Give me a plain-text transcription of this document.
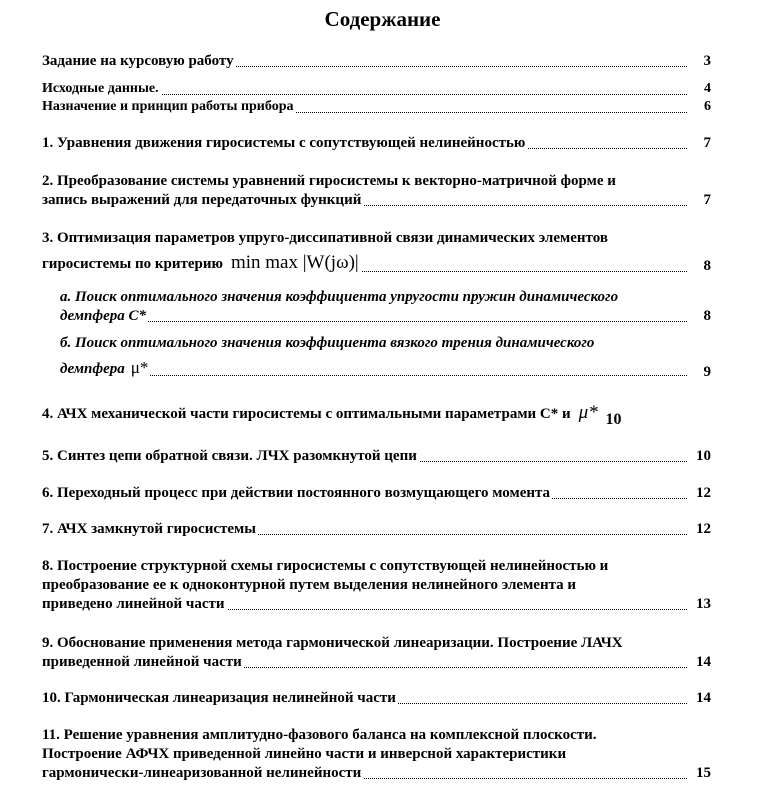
Содержание
Задание на курсовую работу	3
Исходные данные.	4
Назначение и принцип работы прибора	6
1. Уравнения движения гиросистемы с сопутствующей нелинейностью	7
2. Преобразование системы уравнений гиросистемы к векторно-матричной форме и
запись выражений для передаточных функций	7
3. Оптимизация параметров упруго-диссипативной связи динамических элементов
гиросистемы по критерию min max |W(jω)|	8
а. Поиск оптимального значения коэффициента упругости пружин динамического
демпфера С*	8
б. Поиск оптимального значения коэффициента вязкого трения динамического
демпфера μ*	9
4. АЧХ механической части гиросистемы с оптимальными параметрами С* и μ* 10
5. Синтез цепи обратной связи. ЛЧХ разомкнутой цепи	10
6. Переходный процесс при действии постоянного возмущающего момента	12
7. АЧХ замкнутой гиросистемы	12
8. Построение структурной схемы гиросистемы с сопутствующей нелинейностью и
преобразование ее к одноконтурной путем выделения нелинейного элемента и
приведено линейной части	13
9. Обоснование применения метода гармонической линеаризации. Построение ЛАЧХ
приведенной линейной части	14
10. Гармоническая линеаризация нелинейной части	14
11. Решение уравнения амплитудно-фазового баланса на комплексной плоскости.
Построение АФЧХ приведенной линейно части и инверсной характеристики
гармонически-линеаризованной нелинейности	15
